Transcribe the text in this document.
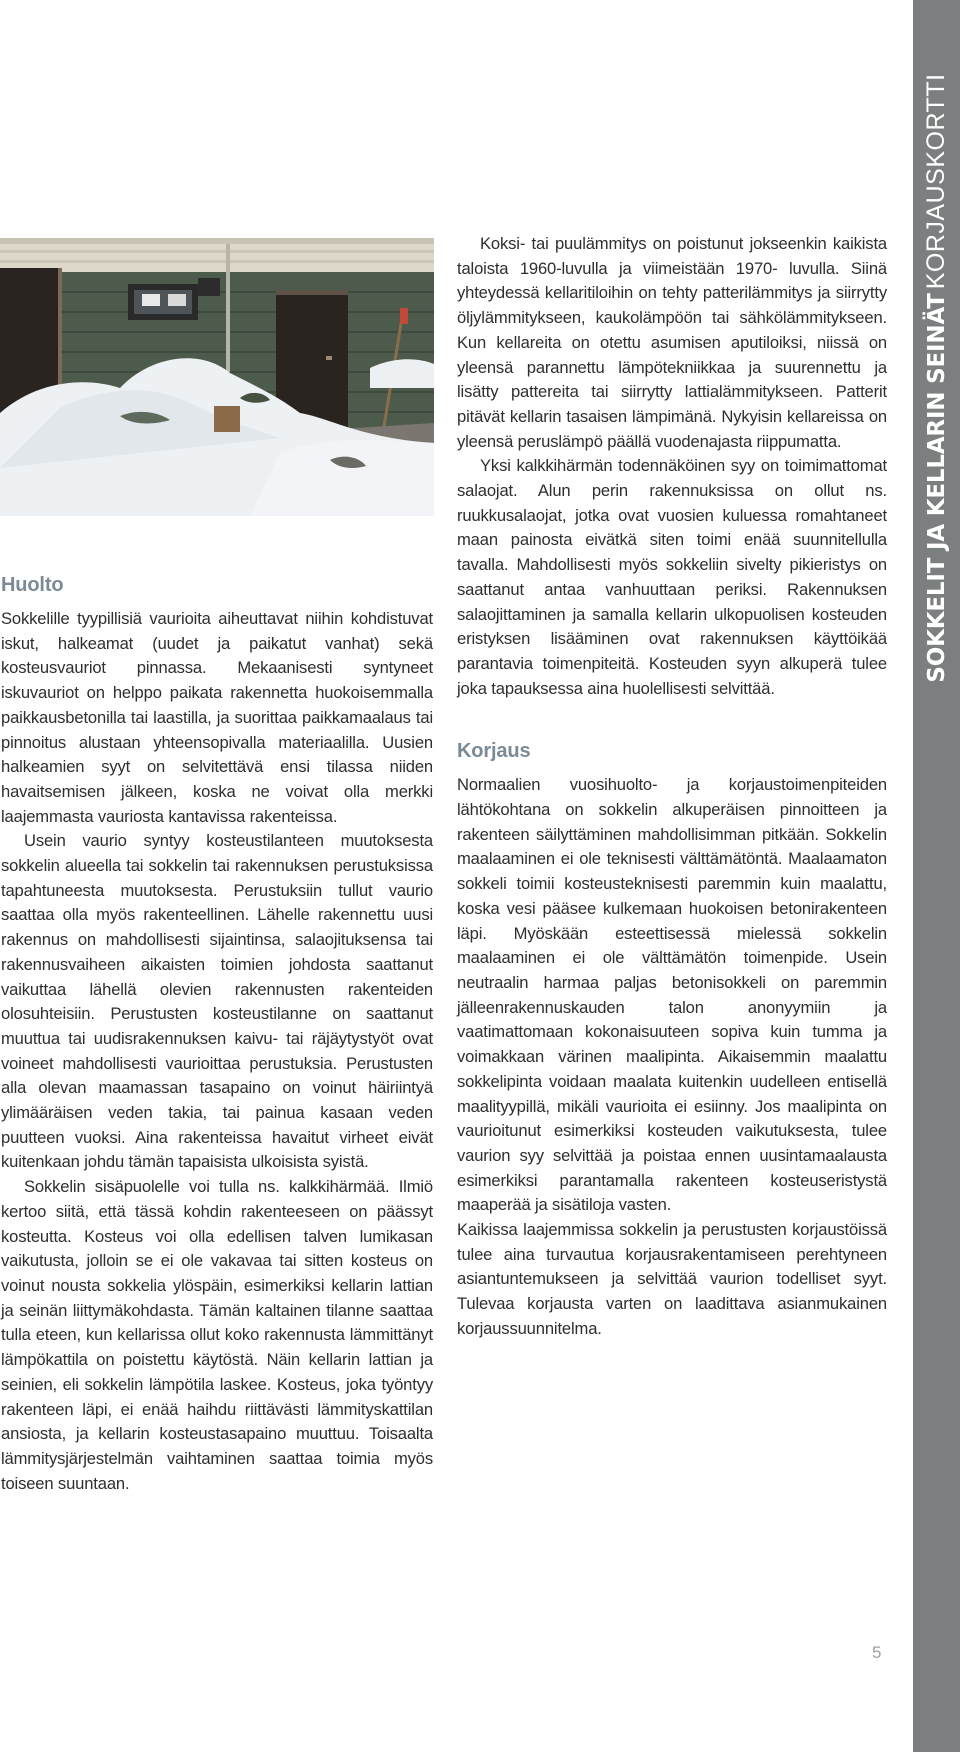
SOKKELIT JA KELLARIN SEINÄTKORJAUSKORTTI
Huolto

Sokkelille tyypillisiä vaurioita aiheuttavat niihin kohdistuvat iskut, halkeamat (uudet ja paikatut vanhat) sekä kosteusvauriot pinnassa. Mekaanisesti syntyneet iskuvauriot on helppo paikata rakennetta huokoisemmalla paikkausbetonilla tai laastilla, ja suorittaa paikkamaalaus tai pinnoitus alustaan yhteensopivalla materiaalilla. Uusien halkeamien syyt on selvitettävä ensi tilassa niiden havaitsemisen jälkeen, koska ne voivat olla merkki laajemmasta vauriosta kantavissa rakenteissa.

Usein vaurio syntyy kosteustilanteen muutoksesta sokkelin alueella tai sokkelin tai rakennuksen perustuksissa tapahtuneesta muutoksesta. Perustuksiin tullut vaurio saattaa olla myös rakenteellinen. Lähelle rakennettu uusi rakennus on mahdollisesti sijaintinsa, salaojituksensa tai rakennusvaiheen aikaisten toimien johdosta saattanut vaikuttaa lähellä olevien rakennusten rakenteiden olosuhteisiin. Perustusten kosteustilanne on saattanut muuttua tai uudisrakennuksen kaivu- tai räjäytystyöt ovat voineet mahdollisesti vaurioittaa perustuksia. Perustusten alla olevan maamassan tasapaino on voinut häiriintyä ylimääräisen veden takia, tai painua kasaan veden puutteen vuoksi. Aina rakenteissa havaitut virheet eivät kuitenkaan johdu tämän tapaisista ulkoisista syistä.

Sokkelin sisäpuolelle voi tulla ns. kalkkihärmää. Ilmiö kertoo siitä, että tässä kohdin rakenteeseen on päässyt kosteutta. Kosteus voi olla edellisen talven lumikasan vaikutusta, jolloin se ei ole vakavaa tai sitten kosteus on voinut nousta sokkelia ylöspäin, esimerkiksi kellarin lattian ja seinän liittymäkohdasta. Tämän kaltainen tilanne saattaa tulla eteen, kun kellarissa ollut koko rakennusta lämmittänyt lämpökattila on poistettu käytöstä. Näin kellarin lattian ja seinien, eli sokkelin lämpötila laskee. Kosteus, joka työntyy rakenteen läpi, ei enää haihdu riittävästi lämmityskattilan ansiosta, ja kellarin kosteustasapaino muuttuu. Toisaalta lämmitysjärjestelmän vaihtaminen saattaa toimia myös toiseen suuntaan.

Koksi- tai puulämmitys on poistunut jokseenkin kaikista taloista 1960-luvulla ja viimeistään 1970- luvulla. Siinä yhteydessä kellaritiloihin on tehty patterilämmitys ja siirrytty öljylämmitykseen, kaukolämpöön tai sähkölämmitykseen. Kun kellareita on otettu asumisen aputiloiksi, niissä on yleensä parannettu lämpötekniikkaa ja suurennettu ja lisätty pattereita tai siirrytty lattialämmitykseen. Patterit pitävät kellarin tasaisen lämpimänä. Nykyisin kellareissa on yleensä peruslämpö päällä vuodenajasta riippumatta.

Yksi kalkkihärmän todennäköinen syy on toimimattomat salaojat. Alun perin rakennuksissa on ollut ns. ruukkusalaojat, jotka ovat vuosien kuluessa romahtaneet maan painosta eivätkä siten toimi enää suunnitellulla tavalla. Mahdollisesti myös sokkeliin sivelty pikieristys on saattanut antaa vanhuuttaan periksi. Rakennuksen salaojittaminen ja samalla kellarin ulkopuolisen kosteuden eristyksen lisääminen ovat rakennuksen käyttöikää parantavia toimenpiteitä. Kosteuden syyn alkuperä tulee joka tapauksessa aina huolellisesti selvittää.

Korjaus

Normaalien vuosihuolto- ja korjaustoimenpiteiden lähtökohtana on sokkelin alkuperäisen pinnoitteen ja rakenteen säilyttäminen mahdollisimman pitkään. Sokkelin maalaaminen ei ole teknisesti välttämätöntä. Maalaamaton sokkeli toimii kosteusteknisesti paremmin kuin maalattu, koska vesi pääsee kulkemaan huokoisen betonirakenteen läpi. Myöskään esteettisessä mielessä sokkelin maalaaminen ei ole välttämätön toimenpide. Usein neutraalin harmaa paljas betonisokkeli on paremmin jälleenrakennuskauden talon anonyymiin ja vaatimattomaan kokonaisuuteen sopiva kuin tumma ja voimakkaan värinen maalipinta. Aikaisemmin maalattu sokkelipinta voidaan maalata kuitenkin uudelleen entisellä maalityypillä, mikäli vaurioita ei esiinny. Jos maalipinta on vaurioitunut esimerkiksi kosteuden vaikutuksesta, tulee vaurion syy selvittää ja poistaa ennen uusintamaalausta esimerkiksi parantamalla rakenteen kosteuseristystä maaperää ja sisätiloja vasten.

Kaikissa laajemmissa sokkelin ja perustusten korjaustöissä tulee aina turvautua korjausrakentamiseen perehtyneen asiantuntemukseen ja selvittää vaurion todelliset syyt. Tulevaa korjausta varten on laadittava asianmukainen korjaussuunnitelma.

5
